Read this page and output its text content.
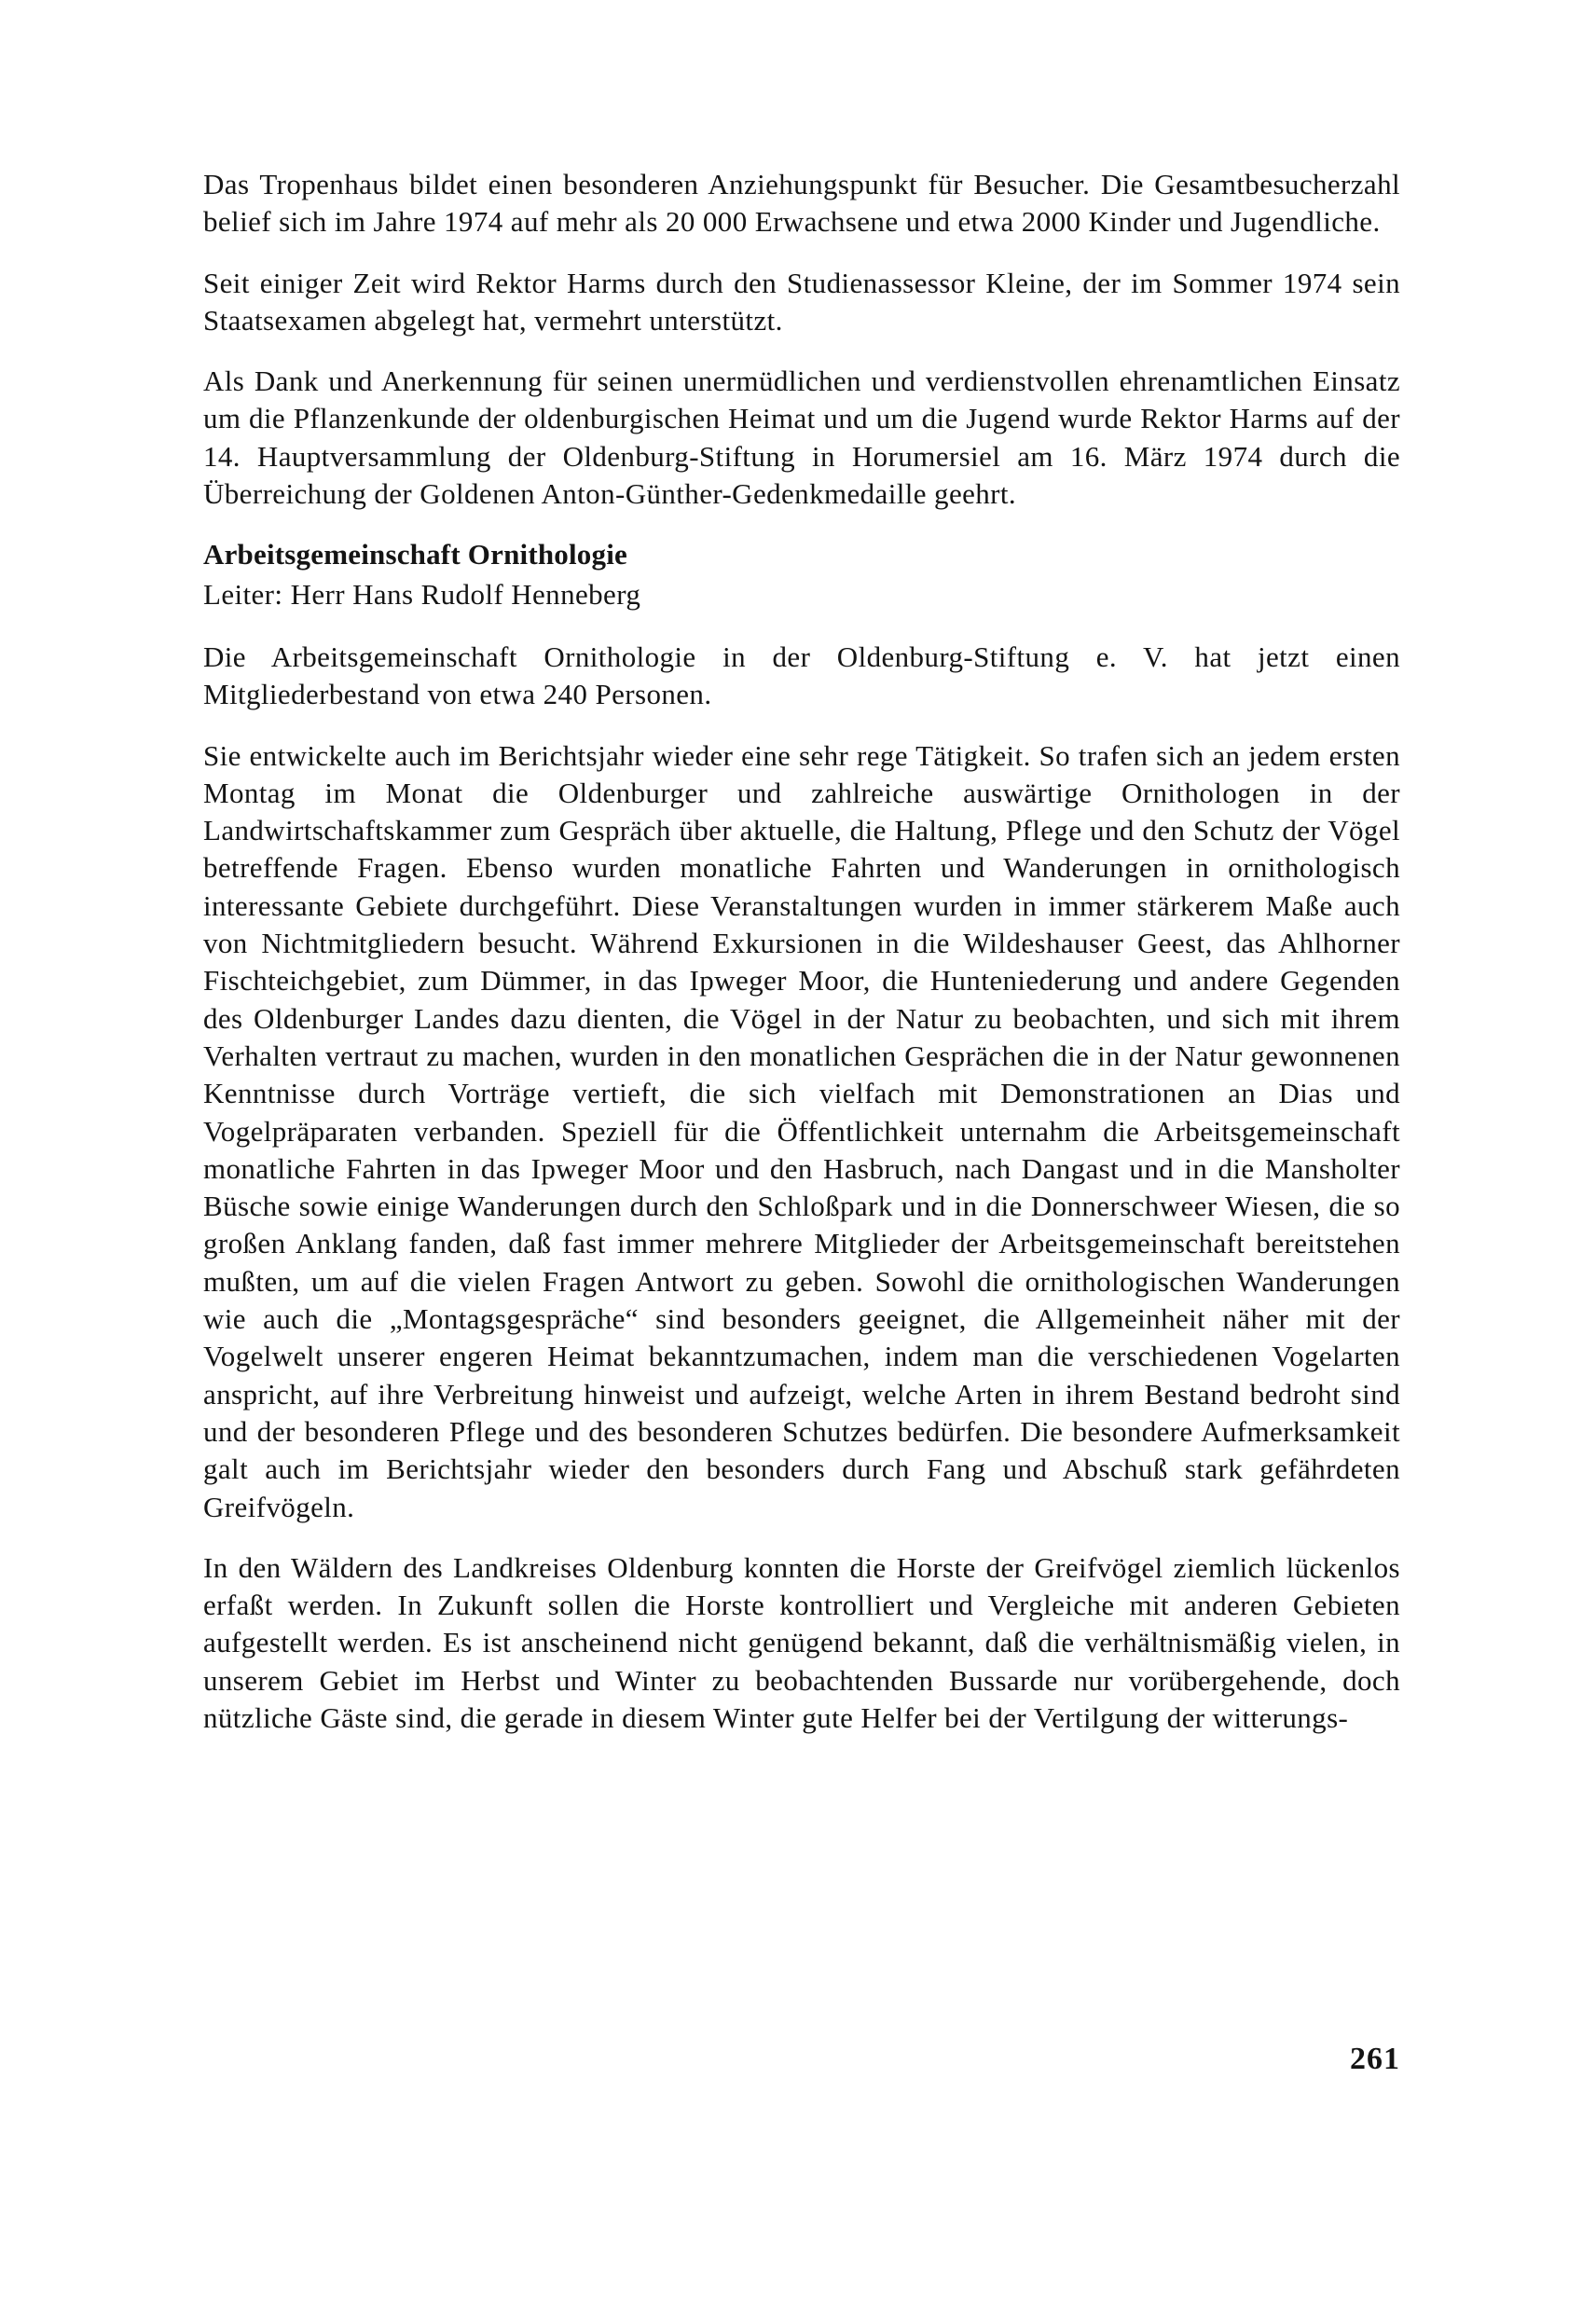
Das Tropenhaus bildet einen besonderen Anziehungspunkt für Besucher. Die Gesamtbesucherzahl belief sich im Jahre 1974 auf mehr als 20 000 Erwachsene und etwa 2000 Kinder und Jugendliche.

Seit einiger Zeit wird Rektor Harms durch den Studienassessor Kleine, der im Sommer 1974 sein Staatsexamen abgelegt hat, vermehrt unterstützt.

Als Dank und Anerkennung für seinen unermüdlichen und verdienstvollen ehrenamtlichen Einsatz um die Pflanzenkunde der oldenburgischen Heimat und um die Jugend wurde Rektor Harms auf der 14. Hauptversammlung der Oldenburg-Stiftung in Horumersiel am 16. März 1974 durch die Überreichung der Goldenen Anton-Günther-Gedenkmedaille geehrt.

Arbeitsgemeinschaft Ornithologie

Leiter: Herr Hans Rudolf Henneberg

Die Arbeitsgemeinschaft Ornithologie in der Oldenburg-Stiftung e. V. hat jetzt einen Mitgliederbestand von etwa 240 Personen.

Sie entwickelte auch im Berichtsjahr wieder eine sehr rege Tätigkeit. So trafen sich an jedem ersten Montag im Monat die Oldenburger und zahlreiche auswärtige Ornithologen in der Landwirtschaftskammer zum Gespräch über aktuelle, die Haltung, Pflege und den Schutz der Vögel betreffende Fragen. Ebenso wurden monatliche Fahrten und Wanderungen in ornithologisch interessante Gebiete durchgeführt. Diese Veranstaltungen wurden in immer stärkerem Maße auch von Nichtmitgliedern besucht. Während Exkursionen in die Wildeshauser Geest, das Ahlhorner Fischteichgebiet, zum Dümmer, in das Ipweger Moor, die Hunteniederung und andere Gegenden des Oldenburger Landes dazu dienten, die Vögel in der Natur zu beobachten, und sich mit ihrem Verhalten vertraut zu machen, wurden in den monatlichen Gesprächen die in der Natur gewonnenen Kenntnisse durch Vorträge vertieft, die sich vielfach mit Demonstrationen an Dias und Vogelpräparaten verbanden. Speziell für die Öffentlichkeit unternahm die Arbeitsgemeinschaft monatliche Fahrten in das Ipweger Moor und den Hasbruch, nach Dangast und in die Mansholter Büsche sowie einige Wanderungen durch den Schloßpark und in die Donnerschweer Wiesen, die so großen Anklang fanden, daß fast immer mehrere Mitglieder der Arbeitsgemeinschaft bereitstehen mußten, um auf die vielen Fragen Antwort zu geben. Sowohl die ornithologischen Wanderungen wie auch die „Montagsgespräche“ sind besonders geeignet, die Allgemeinheit näher mit der Vogelwelt unserer engeren Heimat bekanntzumachen, indem man die verschiedenen Vogelarten anspricht, auf ihre Verbreitung hinweist und aufzeigt, welche Arten in ihrem Bestand bedroht sind und der besonderen Pflege und des besonderen Schutzes bedürfen. Die besondere Aufmerksamkeit galt auch im Berichtsjahr wieder den besonders durch Fang und Abschuß stark gefährdeten Greifvögeln.

In den Wäldern des Landkreises Oldenburg konnten die Horste der Greifvögel ziemlich lückenlos erfaßt werden. In Zukunft sollen die Horste kontrolliert und Vergleiche mit anderen Gebieten aufgestellt werden. Es ist anscheinend nicht genügend bekannt, daß die verhältnismäßig vielen, in unserem Gebiet im Herbst und Winter zu beobachtenden Bussarde nur vorübergehende, doch nützliche Gäste sind, die gerade in diesem Winter gute Helfer bei der Vertilgung der witterungs-

261
